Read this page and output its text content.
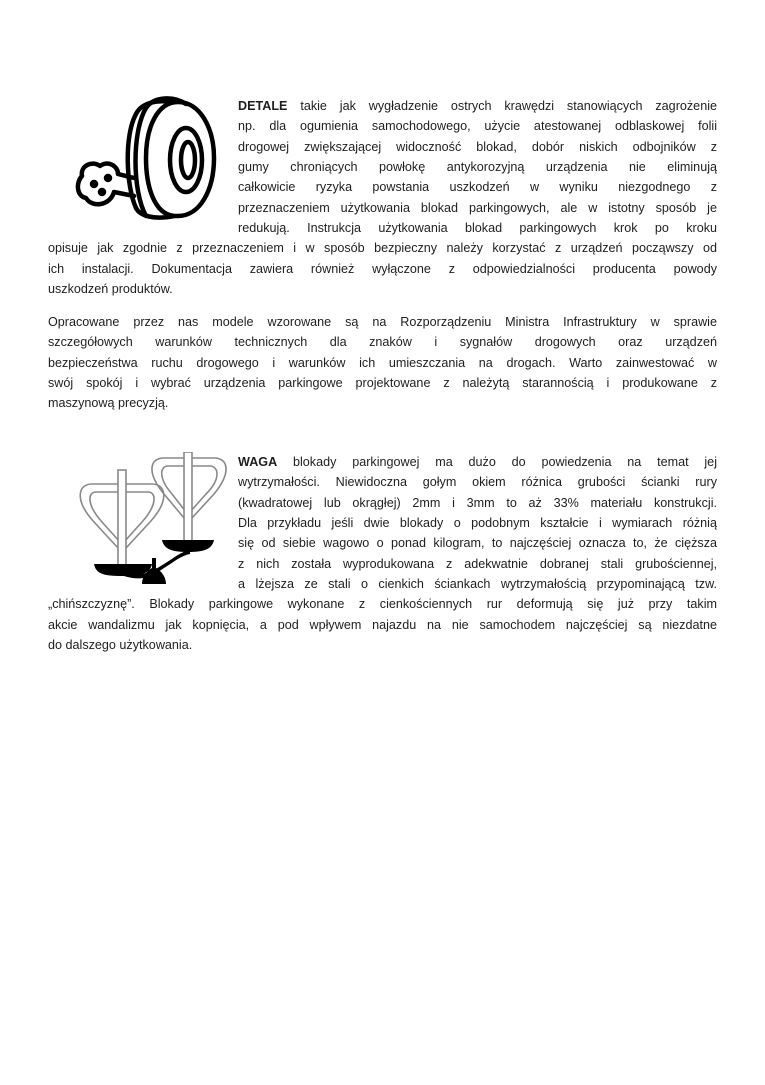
DETALE takie jak wygładzenie ostrych krawędzi stanowiących zagrożenie
np. dla ogumienia samochodowego, użycie atestowanej odblaskowej folii
drogowej zwiększającej widoczność blokad, dobór niskich odbojników z
gumy chroniących powłokę antykorozyjną urządzenia nie eliminują
całkowicie ryzyka powstania uszkodzeń w wyniku niezgodnego z
przeznaczeniem użytkowania blokad parkingowych, ale w istotny sposób je
redukują. Instrukcja użytkowania blokad parkingowych krok po kroku
opisuje jak zgodnie z przeznaczeniem i w sposób bezpieczny należy korzystać z urządzeń począwszy od
ich instalacji. Dokumentacja zawiera również wyłączone z odpowiedzialności producenta powody
uszkodzeń produktów.
Opracowane przez nas modele wzorowane są na Rozporządzeniu Ministra Infrastruktury w sprawie
szczegółowych warunków technicznych dla znaków i sygnałów drogowych oraz urządzeń
bezpieczeństwa ruchu drogowego i warunków ich umieszczania na drogach. Warto zainwestować w
swój spokój i wybrać urządzenia parkingowe projektowane z należytą starannością i produkowane z
maszynową precyzją.
WAGA blokady parkingowej ma dużo do powiedzenia na temat jej
wytrzymałości. Niewidoczna gołym okiem różnica grubości ścianki rury
(kwadratowej lub okrągłej) 2mm i 3mm to aż 33% materiału konstrukcji.
Dla przykładu jeśli dwie blokady o podobnym kształcie i wymiarach różnią
się od siebie wagowo o ponad kilogram, to najczęściej oznacza to, że cięższa
z nich została wyprodukowana z adekwatnie dobranej stali grubościennej,
a lżejsza ze stali o cienkich ściankach wytrzymałością przypominającą tzw.
„chińszczyznę”. Blokady parkingowe wykonane z cienkościennych rur deformują się już przy takim
akcie wandalizmu jak kopnięcia, a pod wpływem najazdu na nie samochodem najczęściej są niezdatne
do dalszego użytkowania.
